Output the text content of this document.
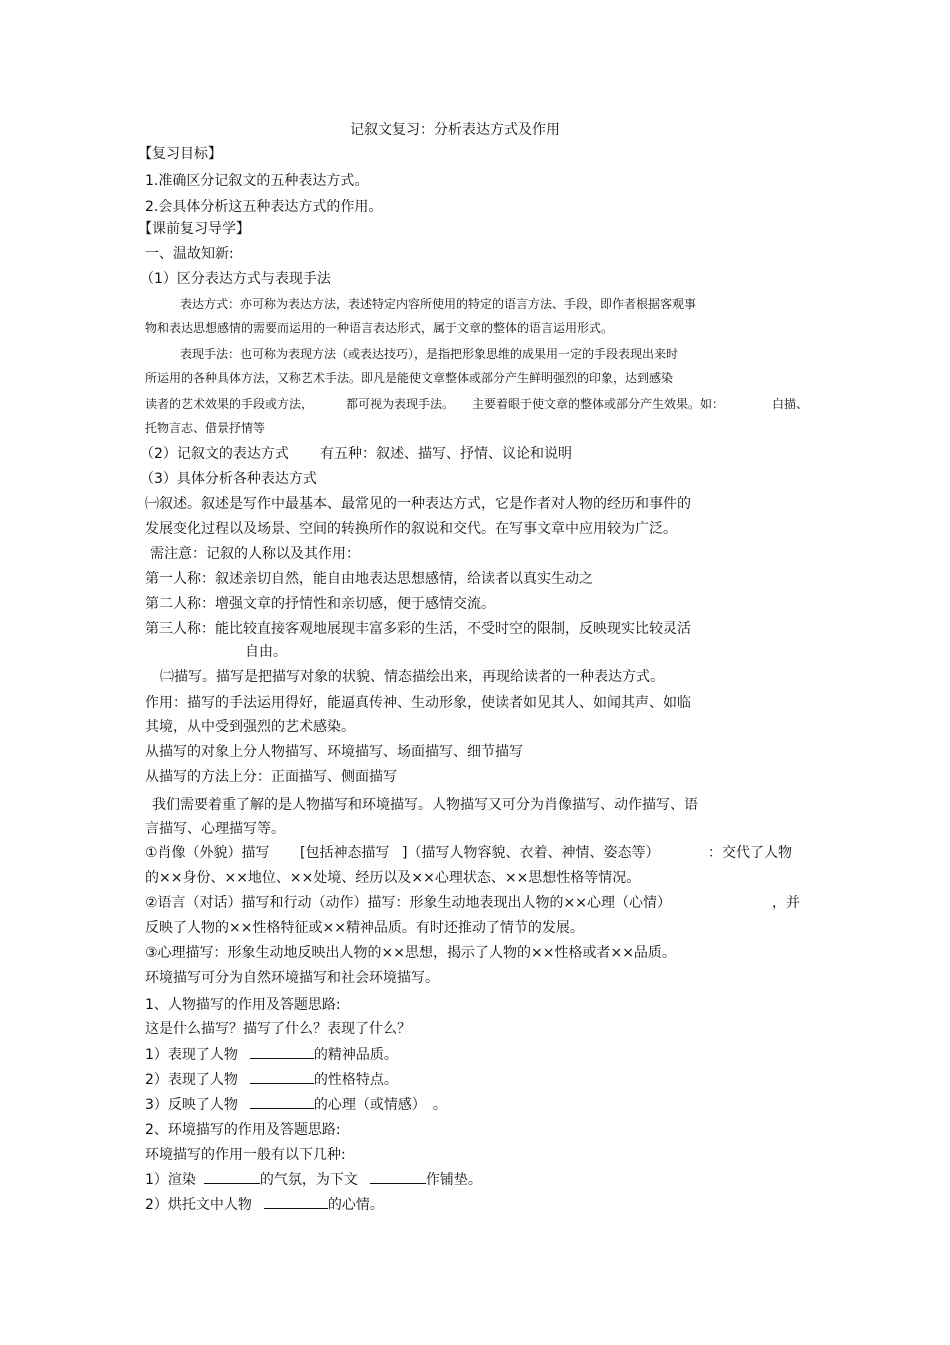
记叙文复习：分析表达方式及作用
【复习目标】
1.准确区分记叙文的五种表达方式。
2.会具体分析这五种表达方式的作用。
【课前复习导学】
一、温故知新:
（1）区分表达方式与表现手法
表达方式：亦可称为表达方法，表述特定内容所使用的特定的语言方法、手段，即作者根据客观事
物和表达思想感情的需要而运用的一种语言表达形式，属于文章的整体的语言运用形式。
表现手法：也可称为表现方法（或表达技巧），是指把形象思维的成果用一定的手段表现出来时
所运用的各种具体方法，又称艺术手法。即凡是能使文章整体或部分产生鲜明强烈的印象，达到感染
读者的艺术效果的手段或方法，	都可视为表现手法。 主要着眼于使文章的整体或部分产生效果。如：	白描、
托物言志、借景抒情等
（2）记叙文的表达方式 有五种：叙述、描写、抒情、议论和说明
（3）具体分析各种表达方式
㈠叙述。叙述是写作中最基本、最常见的一种表达方式，它是作者对人物的经历和事件的
发展变化过程以及场景、空间的转换所作的叙说和交代。在写事文章中应用较为广泛。
需注意：记叙的人称以及其作用：
第一人称：叙述亲切自然，能自由地表达思想感情，给读者以真实生动之
第二人称：增强文章的抒情性和亲切感，便于感情交流。
第三人称：能比较直接客观地展现丰富多彩的生活，不受时空的限制，反映现实比较灵活
自由。
㈡描写。描写是把描写对象的状貌、情态描绘出来，再现给读者的一种表达方式。
作用：描写的手法运用得好，能逼真传神、生动形象，使读者如见其人、如闻其声、如临
其境，从中受到强烈的艺术感染。
从描写的对象上分人物描写、环境描写、场面描写、细节描写
从描写的方法上分：正面描写、侧面描写
我们需要着重了解的是人物描写和环境描写。人物描写又可分为肖像描写、动作描写、语
言描写、心理描写等。
①肖像（外貌）描写 [包括神态描写 ]（描写人物容貌、衣着、神情、姿态等）	：交代了人物
的××身份、××地位、××处境、经历以及××心理状态、××思想性格等情况。
②语言（对话）描写和行动（动作）描写：形象生动地表现出人物的××心理（心情）	，并
反映了人物的××性格特征或××精神品质。有时还推动了情节的发展。
③心理描写：形象生动地反映出人物的××思想，揭示了人物的××性格或者××品质。
环境描写可分为自然环境描写和社会环境描写。
1、人物描写的作用及答题思路:
这是什么描写？描写了什么？表现了什么？
1）表现了人物	的精神品质。
2）表现了人物	的性格特点。
3）反映了人物	的心理（或情感） 。
2、环境描写的作用及答题思路:
环境描写的作用一般有以下几种:
1）渲染	的气氛，为下文	作铺垫。
2）烘托文中人物	的心情。
